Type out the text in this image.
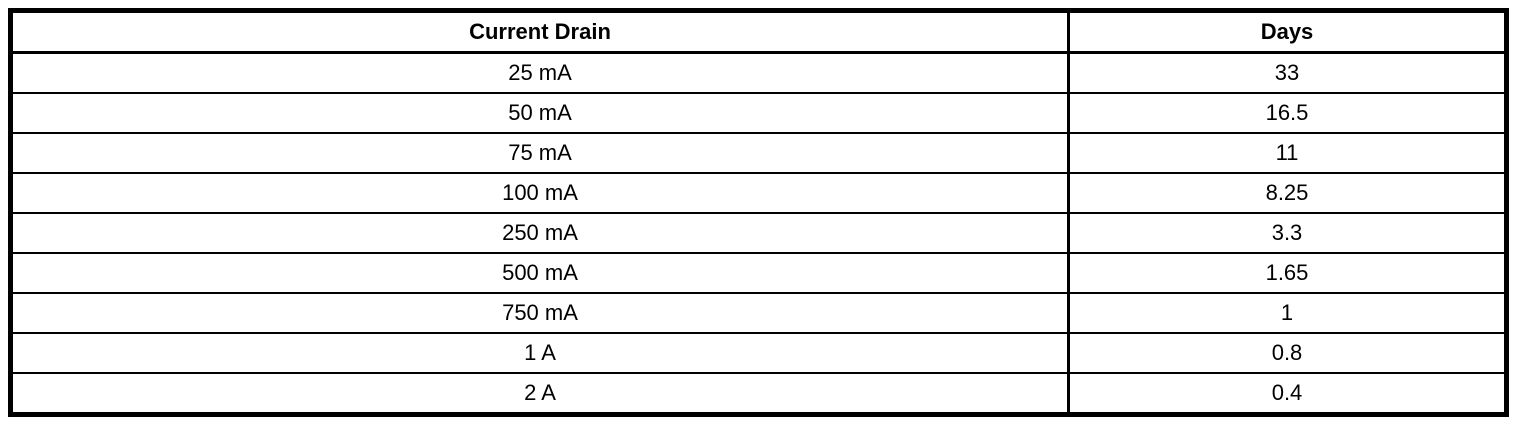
Current Drain	Days
25 mA	33
50 mA	16.5
75 mA	11
100 mA	8.25
250 mA	3.3
500 mA	1.65
750 mA	1
1 A	0.8
2 A	0.4
